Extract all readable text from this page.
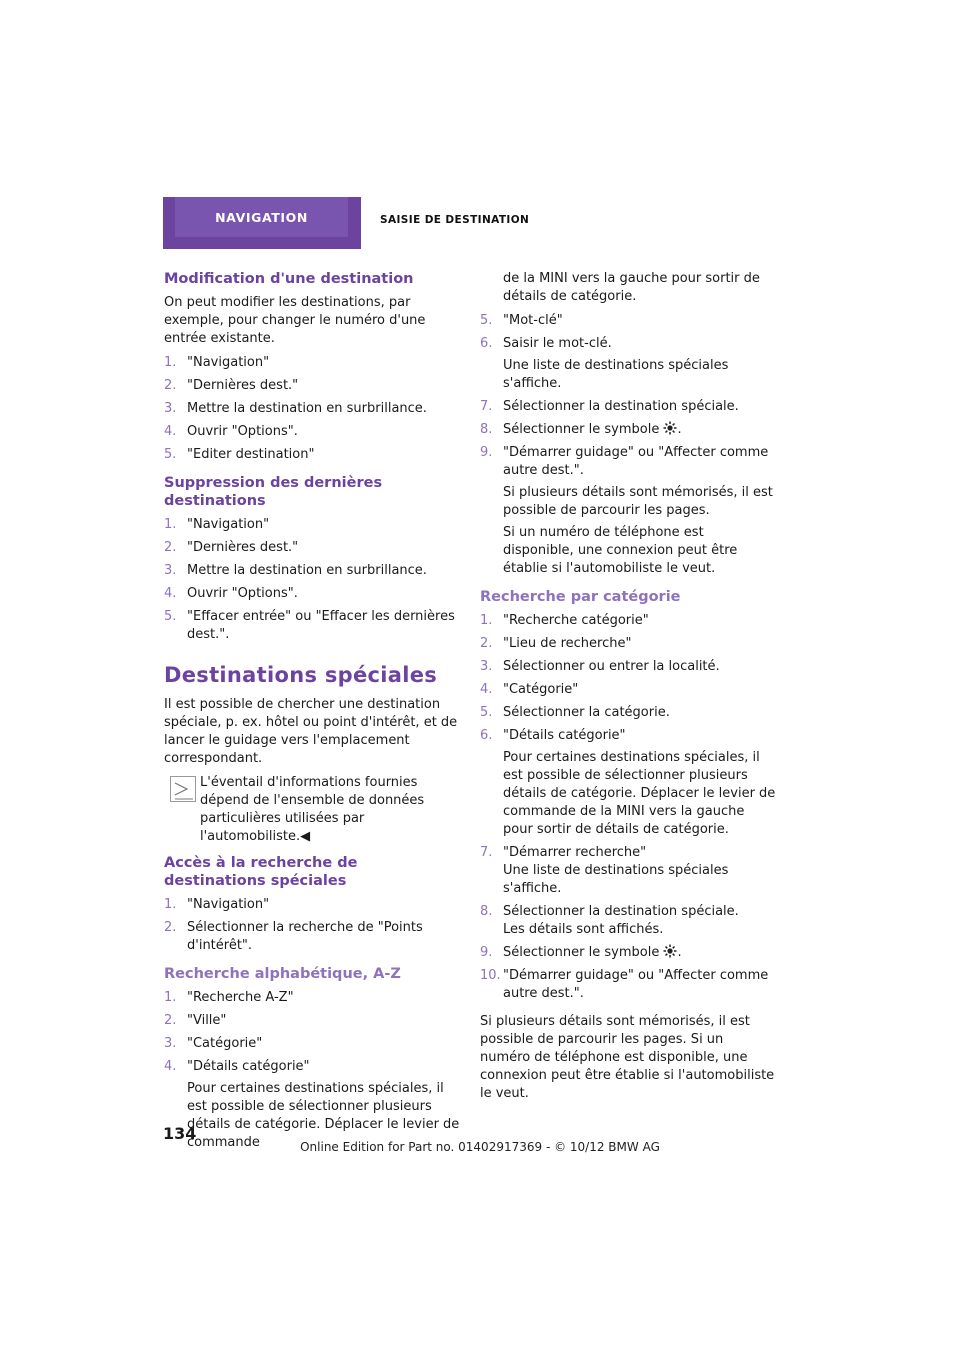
NAVIGATION	SAISIE DE DESTINATION
Modification d'une destination

On peut modifier les destinations, par exemple, pour changer le numéro d'une entrée existante.

1. "Navigation"
2. "Dernières dest."
3. Mettre la destination en surbrillance.
4. Ouvrir "Options".
5. "Editer destination"
Suppression des dernières destinations
1. "Navigation"
2. "Dernières dest."
3. Mettre la destination en surbrillance.
4. Ouvrir "Options".
5. "Effacer entrée" ou "Effacer les dernières dest.".
Destinations spéciales

Il est possible de chercher une destination spéciale, p. ex. hôtel ou point d'intérêt, et de lancer le guidage vers l'emplacement correspondant.

L'éventail d'informations fournies dépend de l'ensemble de données particulières utilisées par l'automobiliste.◀
Accès à la recherche de destinations spéciales
1. "Navigation"
2. Sélectionner la recherche de "Points d'intérêt".
Recherche alphabétique, A-Z
1. "Recherche A-Z"
2. "Ville"
3. "Catégorie"
4. "Détails catégorie"
Pour certaines destinations spéciales, il est possible de sélectionner plusieurs détails de catégorie. Déplacer le levier de commande

de la MINI vers la gauche pour sortir de détails de catégorie.

5. "Mot-clé"
6. Saisir le mot-clé.
Une liste de destinations spéciales s'affiche.
7. Sélectionner la destination spéciale.
8. Sélectionner le symbole .
9. "Démarrer guidage" ou "Affecter comme autre dest.".
Si plusieurs détails sont mémorisés, il est possible de parcourir les pages.
Si un numéro de téléphone est disponible, une connexion peut être établie si l'automobiliste le veut.
Recherche par catégorie
1. "Recherche catégorie"
2. "Lieu de recherche"
3. Sélectionner ou entrer la localité.
4. "Catégorie"
5. Sélectionner la catégorie.
6. "Détails catégorie"
Pour certaines destinations spéciales, il est possible de sélectionner plusieurs détails de catégorie. Déplacer le levier de commande de la MINI vers la gauche pour sortir de détails de catégorie.
7. "Démarrer recherche"
Une liste de destinations spéciales s'affiche.
8. Sélectionner la destination spéciale.
Les détails sont affichés.
9. Sélectionner le symbole .
10. "Démarrer guidage" ou "Affecter comme autre dest.".

Si plusieurs détails sont mémorisés, il est possible de parcourir les pages. Si un numéro de téléphone est disponible, une connexion peut être établie si l'automobiliste le veut.

134
Online Edition for Part no. 01402917369 - © 10/12 BMW AG
